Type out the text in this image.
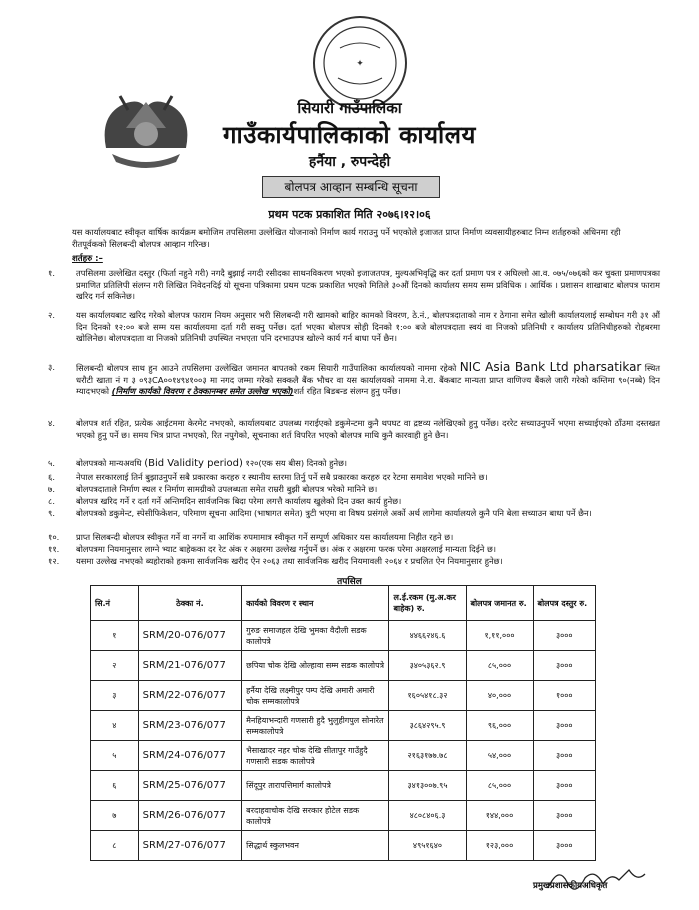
✦
सियारी गाउँपालिका
गाउँकार्यपालिकाको कार्यालय
हर्नैया , रुपन्देही
बोलपत्र आव्हान सम्बन्धि सूचना
प्रथम पटक प्रकाशित मिति २०७६।१२।०६
यस कार्यालयबाट स्वीकृत वार्षिक कार्यक्रम बमोजिम तपसिलमा उल्लेखित योजनाको निर्माण कार्य गराउनु पर्ने भएकोले इजाजत प्राप्त निर्माण व्यवसायीहरुबाट निम्न शर्तहरुको अधिनमा रही रीतपूर्वकको सिलबन्दी बोलपत्र आव्हान गरिन्छ।
शर्तहरु :–
१.	तपसिलमा उल्लेखित दस्तुर (फिर्ता नहुने गरी) नगदै बुझाई नगदी रसीदका साथनविकरण भएको इजाजतपत्र, मुल्यअभिवृद्धि कर दर्ता प्रमाण पत्र र अघिल्लो आ.व. ०७५/०७६को कर चुक्ता प्रमाणपत्रका प्रमाणित प्रतिलिपी संलग्न गरी लिखित निवेदनदिई यो सूचना पत्रिकामा प्रथम पटक प्रकाशित भएको मितिले ३०औं दिनको कार्यालय समय सम्म प्रविधिक । आर्थिक । प्रशासन शाखाबाट बोलपत्र फाराम खरिद गर्न सकिनेछ।
२.	यस कार्यालयबाट खरिद गरेको बोलपत्र फाराम नियम अनुसार भरी सिलबन्दी गरी खामको बाहिर कामको विवरण, ठे.नं., बोलपत्रदाताको नाम र ठेगाना समेत खोली कार्यालयलाई सम्बोधन गरी ३१ औं दिन दिनको १२:०० बजे सम्म यस कार्यालयमा दर्ता गरी सक्नु पर्नेछ। दर्ता भएका बोलपत्र सोही दिनको १:०० बजे बोलपत्रदाता स्वयं वा निजको प्रतिनिधी र कार्यालय प्रतिनिधीहरुको रोहबरमा खोलिनेछ। बोलपत्रदाता वा निजको प्रतिनिधी उपस्थित नभएता पनि दरभाउपत्र खोल्ने कार्य गर्न बाधा पर्ने छैन।
३.	सिलबन्दी बोलपत्र साथ हुन आउने तपसिलमा उल्लेखित जमानत बापतको रकम सियारी गाउँपालिका कार्यालयको नाममा रहेको NIC Asia Bank Ltd pharsatikar स्थित धरौटी खाता नं ग ३ ०९३CA००१४९४१००३ मा नगद जम्मा गरेको सक्कलै बैंक भौचर वा यस कार्यालयको नाममा ने.रा. बैंकबाट मान्यता प्राप्त वाणिज्य बैंकले जारी गरेको कम्तिमा ९०(नब्बे) दिन म्यादभएको (निर्माण कार्यको विवरण र ठेक्कानम्बर समेत उल्लेख भएको)शर्त रहित बिडबन्ड संलग्न हुनु पर्नेछ।
४.	बोलपत्र शर्त रहित, प्रत्येक आईटममा केरमेट नभएको, कार्यालयबाट उपलब्ध गराईएको डकुमेन्टमा कुनै थपघट वा द्रष्टव्य नलेखिएको हुनु पर्नेछ। दररेट सच्याउनुपर्ने भएमा सच्याईएको ठाँउमा दस्तखत भएको हुनु पर्ने छ। समय भित्र प्राप्त नभएको, रित नपुगेको, सूचनाका शर्त विपरित भएको बोलपत्र माथि कुनै कारवाही हुने छैन।
५.	बोलपत्रको मान्यअवधि (Bid Validity period) १२०(एक सय बीस) दिनको हुनेछ।
६.	नेपाल सरकारलाई तिर्न बुझाउनुपर्ने सबै प्रकारका करहरु र स्थानीय स्तरमा तिर्नु पर्ने सबै प्रकारका करहरु दर रेटमा समावेश भएको मानिने छ।
७.	बोलपत्रदाताले निर्माण स्थल र निर्माण सामग्रीको उपलब्धता समेत राम्ररी बुझी बोलपत्र भरेको मानिने छ।
८.	बोलपत्र खरिद गर्ने र दर्ता गर्ने अन्तिमदिन सार्वजनिक बिदा परेमा लगत्तै कार्यालय खुलेको दिन उक्त कार्य हुनेछ।
९.	बोलपत्रको डकुमेन्ट, स्पेसीफिकेशन, परिमाण सूचना आदिमा (भाषागत समेत) त्रुटी भएमा वा विषय प्रसंगले अर्को अर्थ लागेमा कार्यालयले कुनै पनि बेला सच्याउन बाधा पर्ने छैन।
१०.	प्राप्त सिलबन्दी बोलपत्र स्वीकृत गर्ने वा नगर्ने वा आशिंक रुपमामात्र स्वीकृत गर्ने सम्पूर्ण अधिकार यस कार्यालयमा निहीत रहने छ।
११.	बोलपत्रमा नियमानुसार लाग्ने भ्याट बाहेकका दर रेट अंक र अक्षरमा उल्लेख गर्नुपर्ने छ। अंक र अक्षरमा फरक परेमा अक्षरलाई मान्यता दिईने छ।
१२.	यसमा उल्लेख नभएको ब्यहोराको हकमा सार्वजनिक खरीद ऐन २०६३ तथा सार्वजनिक खरीद नियमावली २०६४ र प्रचलित ऐन नियमानुसार हुनेछ।
तपसिल
सि.नं	ठेक्का नं.	कार्यको विवरण र स्थान	ल.ई.रकम (मु.अ.कर बाहेक) रु.	बोलपत्र जमानत रु.	बोलपत्र दस्तुर रु.
१	SRM/20-076/077	गुरुङ समाजहल देखि भुमका वैदौली सडक कालोपत्रे	४४६६२४६.६	१,११,०००	३०००
२	SRM/21-076/077	छपिया चोक देखि ओल्हावा सम्म सडक कालोपत्रे	३४०५३६२.९	८५,०००	३०००
३	SRM/22-076/077	हर्नैया देखि लक्ष्मीपुर पम्प देखि अमारी अमारी चोक सम्मकालोपत्रे	१६०५४१८.३२	४०,०००	१०००
४	SRM/23-076/077	मैनहियाभन्दारी गणसारी हुदै भुलुहीगपुल सोनारेत सम्मकालोपत्रे	३८६४२९५.९	९६,०००	३०००
५	SRM/24-076/077	भैसाखादर नहर चोक देखि सीतापुर गाउँहुदै गणसारी सडक कालोपत्रे	२१६३१७७.७८	५४,०००	३०००
६	SRM/25-076/077	सिंदूपुर तारापत्तिमार्ग कालोपत्रे	३४१३००७.९५	८५,०००	३०००
७	SRM/26-076/077	बरदाहवाचोक देखि सरकार होटेल सडक कालोपत्रे	४८०८४०६.३	१४४,०००	३०००
८	SRM/27-076/077	सिद्धार्थ स्कुलभवन	४९५१६४०	१२३,०००	३०००
प्रमुखप्रशासकीयअधिकृत
